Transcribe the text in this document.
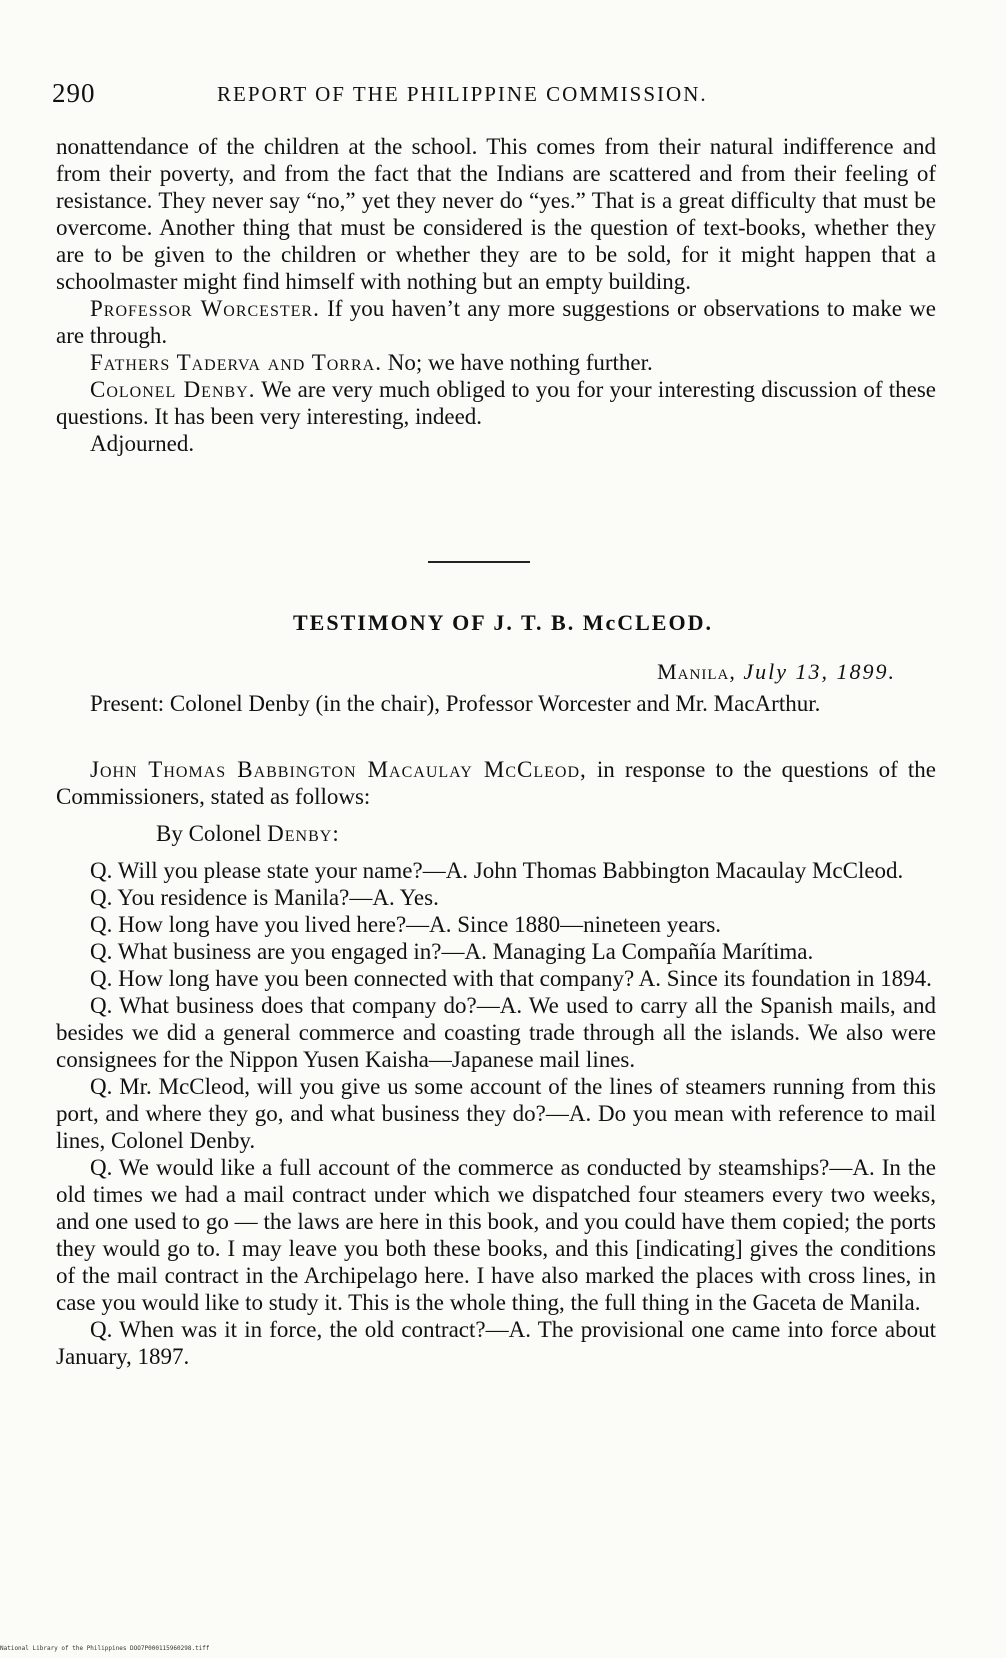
290	REPORT OF THE PHILIPPINE COMMISSION.

nonattendance of the children at the school. This comes from their natural indifference and from their poverty, and from the fact that the Indians are scattered and from their feeling of resistance. They never say “no,” yet they never do “yes.” That is a great difficulty that must be overcome. Another thing that must be considered is the question of text-books, whether they are to be given to the children or whether they are to be sold, for it might happen that a schoolmaster might find himself with nothing but an empty building.

Professor Worcester. If you haven’t any more suggestions or observations to make we are through.

Fathers Taderva and Torra. No; we have nothing further.

Colonel Denby. We are very much obliged to you for your interesting discussion of these questions. It has been very interesting, indeed.

Adjourned.

TESTIMONY OF J. T. B. McCLEOD.
Manila, July 13, 1899.

Present: Colonel Denby (in the chair), Professor Worcester and Mr. MacArthur.

John Thomas Babbington Macaulay McCleod, in response to the questions of the Commissioners, stated as follows:

By Colonel Denby:

Q. Will you please state your name?—A. John Thomas Babbington Macaulay McCleod.

Q. You residence is Manila?—A. Yes.

Q. How long have you lived here?—A. Since 1880—nineteen years.

Q. What business are you engaged in?—A. Managing La Compañía Marítima.

Q. How long have you been connected with that company? A. Since its foundation in 1894.

Q. What business does that company do?—A. We used to carry all the Spanish mails, and besides we did a general commerce and coasting trade through all the islands. We also were consignees for the Nippon Yusen Kaisha—Japanese mail lines.

Q. Mr. McCleod, will you give us some account of the lines of steamers running from this port, and where they go, and what business they do?—A. Do you mean with reference to mail lines, Colonel Denby.

Q. We would like a full account of the commerce as conducted by steamships?—A. In the old times we had a mail contract under which we dispatched four steamers every two weeks, and one used to go — the laws are here in this book, and you could have them copied; the ports they would go to. I may leave you both these books, and this [indicating] gives the conditions of the mail contract in the Archipelago here. I have also marked the places with cross lines, in case you would like to study it. This is the whole thing, the full thing in the Gaceta de Manila.

Q. When was it in force, the old contract?—A. The provisional one came into force about January, 1897.

National Library of the Philippines DOO7P000115960298.tiff
